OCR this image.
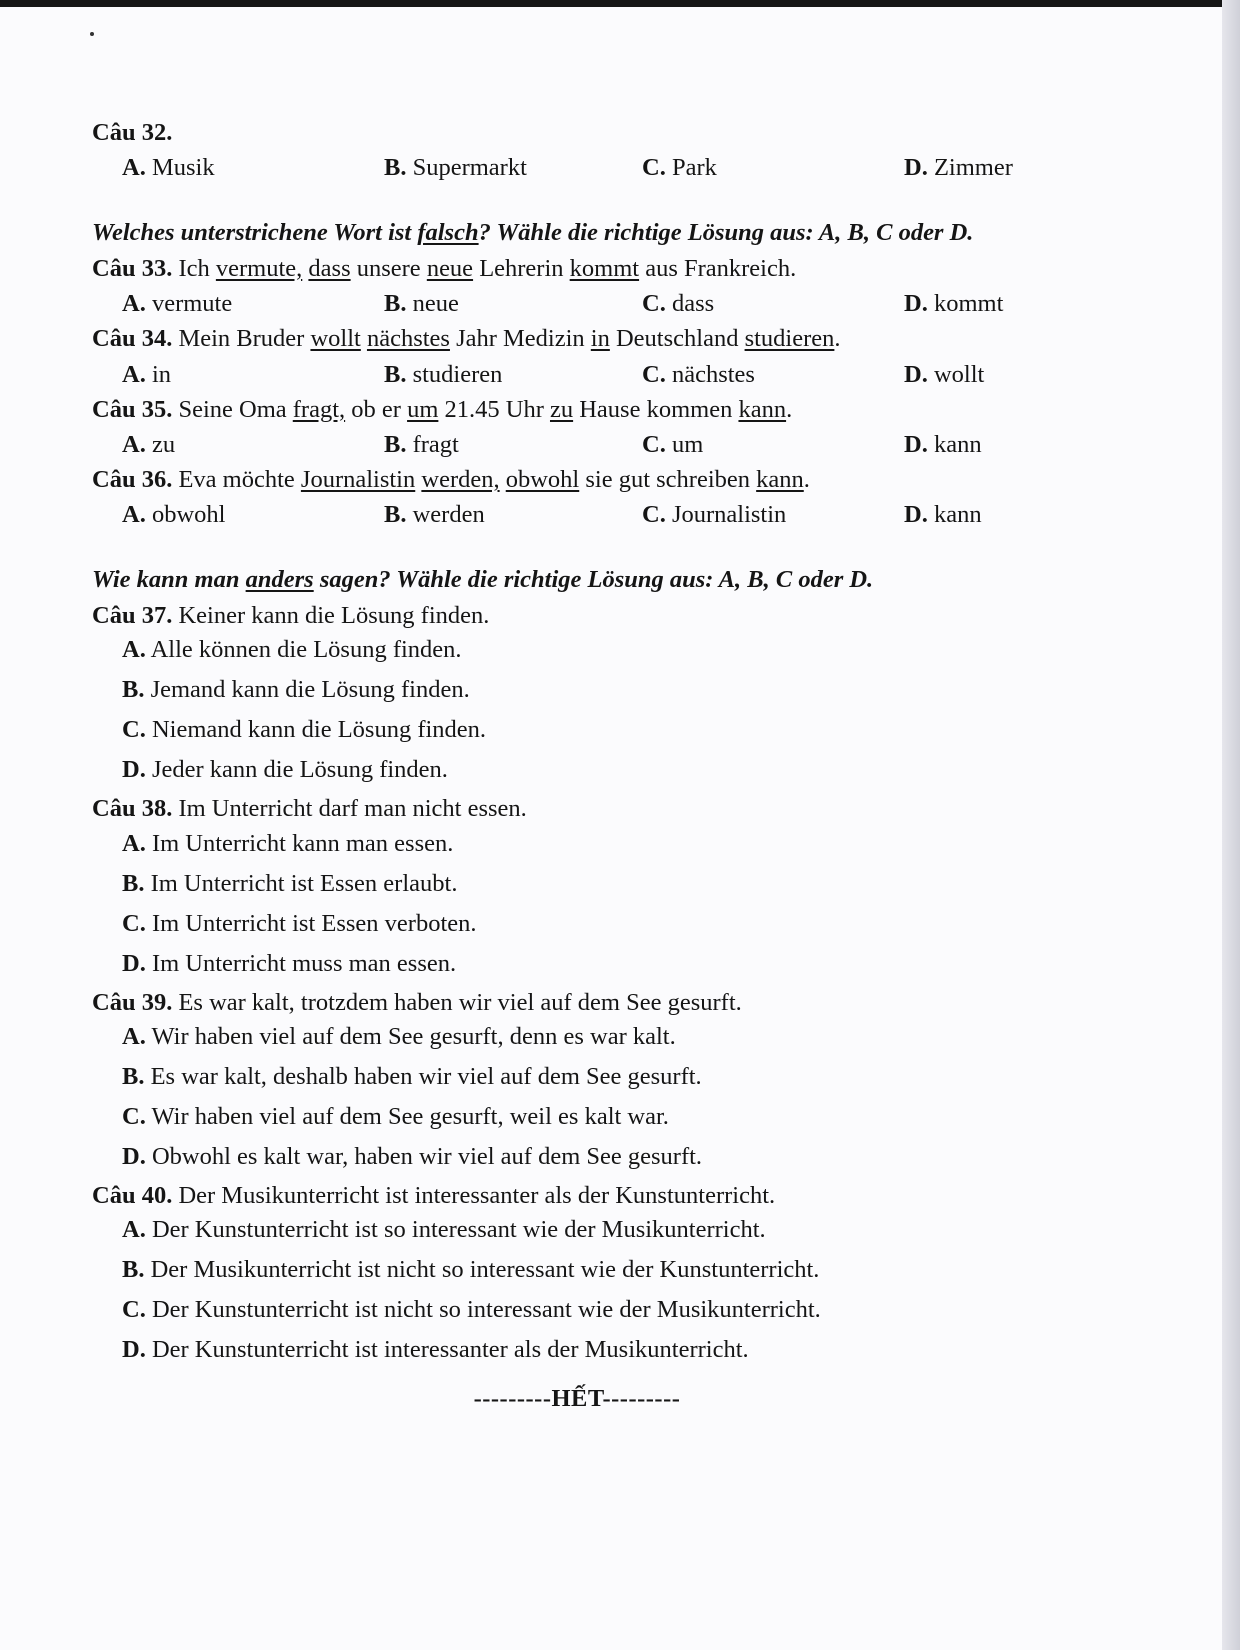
Câu 32.
A. Musik	B. Supermarkt	C. Park	D. Zimmer
Welches unterstrichene Wort ist falsch? Wähle die richtige Lösung aus: A, B, C oder D.
Câu 33. Ich vermute, dass unsere neue Lehrerin kommt aus Frankreich.
A. vermute	B. neue	C. dass	D. kommt
Câu 34. Mein Bruder wollt nächstes Jahr Medizin in Deutschland studieren.
A. in	B. studieren	C. nächstes	D. wollt
Câu 35. Seine Oma fragt, ob er um 21.45 Uhr zu Hause kommen kann.
A. zu	B. fragt	C. um	D. kann
Câu 36. Eva möchte Journalistin werden, obwohl sie gut schreiben kann.
A. obwohl	B. werden	C. Journalistin	D. kann
Wie kann man anders sagen? Wähle die richtige Lösung aus: A, B, C oder D.
Câu 37. Keiner kann die Lösung finden.
A. Alle können die Lösung finden.
B. Jemand kann die Lösung finden.
C. Niemand kann die Lösung finden.
D. Jeder kann die Lösung finden.
Câu 38. Im Unterricht darf man nicht essen.
A. Im Unterricht kann man essen.
B. Im Unterricht ist Essen erlaubt.
C. Im Unterricht ist Essen verboten.
D. Im Unterricht muss man essen.
Câu 39. Es war kalt, trotzdem haben wir viel auf dem See gesurft.
A. Wir haben viel auf dem See gesurft, denn es war kalt.
B. Es war kalt, deshalb haben wir viel auf dem See gesurft.
C. Wir haben viel auf dem See gesurft, weil es kalt war.
D. Obwohl es kalt war, haben wir viel auf dem See gesurft.
Câu 40. Der Musikunterricht ist interessanter als der Kunstunterricht.
A. Der Kunstunterricht ist so interessant wie der Musikunterricht.
B. Der Musikunterricht ist nicht so interessant wie der Kunstunterricht.
C. Der Kunstunterricht ist nicht so interessant wie der Musikunterricht.
D. Der Kunstunterricht ist interessanter als der Musikunterricht.
---------HẾT---------
